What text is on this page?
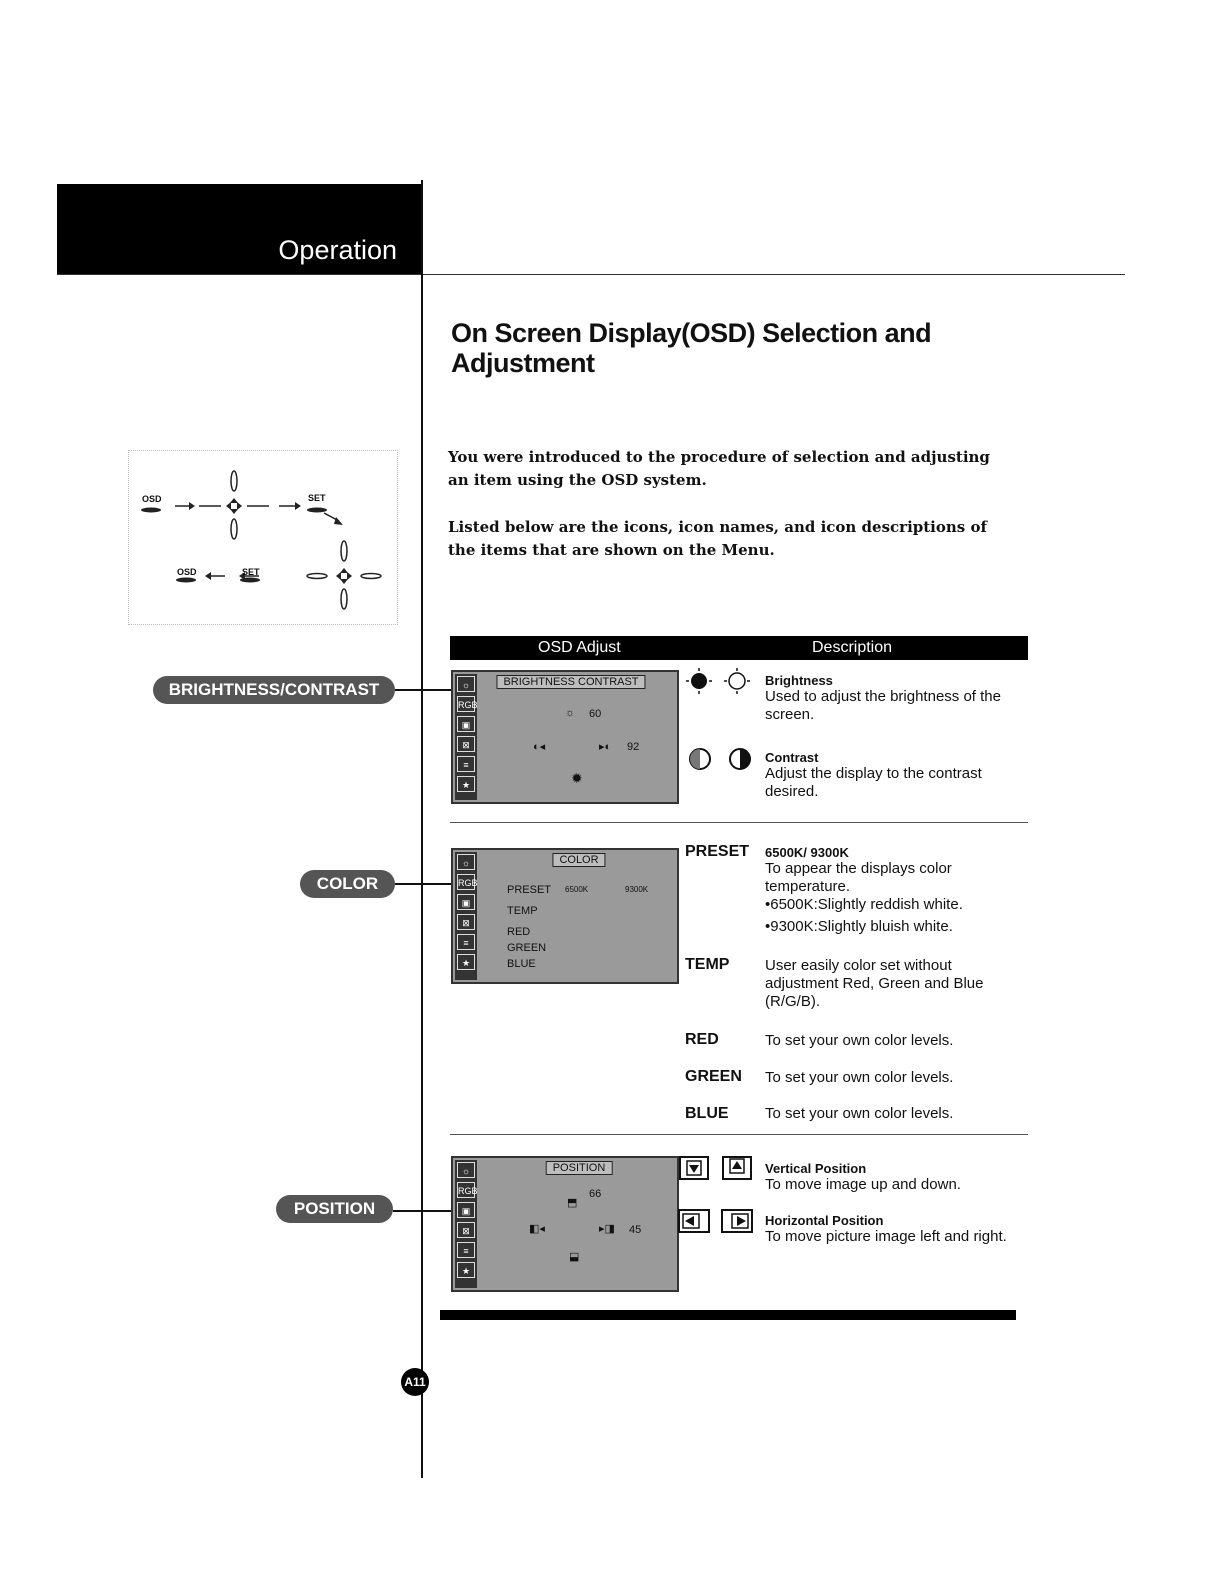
Operation
On Screen Display(OSD) Selection and Adjustment
You were introduced to the procedure of selection and adjusting an item using the OSD system.
Listed below are the icons, icon names, and icon descriptions of the items that are shown on the Menu.
OSD	SET
OSD	SET
BRIGHTNESS/CONTRAST
COLOR
POSITION
OSD Adjust	Description
☼
RGB
▣
⊠
≡
★
BRIGHTNESS CONTRAST
☼ 60
◐◂	▸◐ 92
✹
Brightness
Used to adjust the brightness of the screen.
Contrast
Adjust the display to the contrast desired.
☼
RGB
▣
⊠
≡
★
COLOR
PRESET 6500K	9300K
TEMP
RED
GREEN
BLUE
PRESET 6500K/ 9300K
To appear the displays color temperature.
•6500K:Slightly reddish white.
•9300K:Slightly bluish white.
TEMP User easily color set without adjustment Red, Green and Blue (R/G/B).
RED	To set your own color levels.
GREEN To set your own color levels.
BLUE To set your own color levels.
☼
RGB
▣
⊠
≡
★
POSITION
⬒
66
◧◂	▸◨ 45
⬓
Vertical Position
To move image up and down.
Horizontal Position
To move picture image left and right.
A11
